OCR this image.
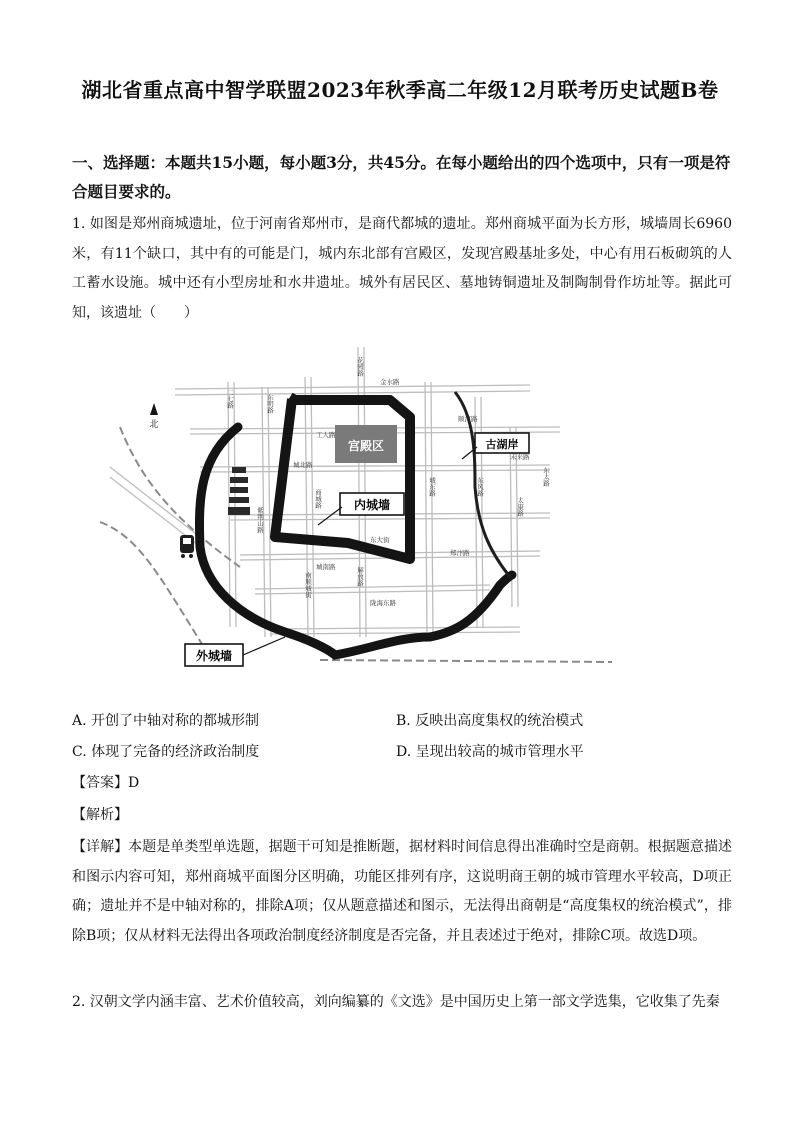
湖北省重点高中智学联盟2023年秋季高二年级12月联考历史试题B卷
一、选择题：本题共15小题，每小题3分，共45分。在每小题给出的四个选项中，只有一项是符合题目要求的。
1. 如图是郑州商城遗址，位于河南省郑州市，是商代都城的遗址。郑州商城平面为长方形，城墙周长6960米，有11个缺口，其中有的可能是门，城内东北部有宫殿区，发现宫殿基址多处，中心有用石板砌筑的人工蓄水设施。城中还有小型房址和水井遗址。城外有居民区、墓地铸铜遗址及制陶制骨作坊址等。据此可知，该遗址（　　）
宫殿区
内城墙
古湖岸
外城墙
A
北
花园路
金水路
二七路	东明路
顺河路
城北路
城东路	东风路
东大街
郑汴路
太康路
城南路
陇海东路
紫荆山路
解放路
商城路
工人路
南顺城街
未来路
东太路
A. 开创了中轴对称的都城形制	B. 反映出高度集权的统治模式
C. 体现了完备的经济政治制度	D. 呈现出较高的城市管理水平
【答案】D
【解析】
【详解】本题是单类型单选题，据题干可知是推断题，据材料时间信息得出准确时空是商朝。根据题意描述和图示内容可知，郑州商城平面图分区明确，功能区排列有序，这说明商王朝的城市管理水平较高，D项正确；遗址并不是中轴对称的，排除A项；仅从题意描述和图示，无法得出商朝是“高度集权的统治模式”，排除B项；仅从材料无法得出各项政治制度经济制度是否完备，并且表述过于绝对，排除C项。故选D项。
2. 汉朝文学内涵丰富、艺术价值较高，刘向编纂的《文选》是中国历史上第一部文学选集，它收集了先秦
